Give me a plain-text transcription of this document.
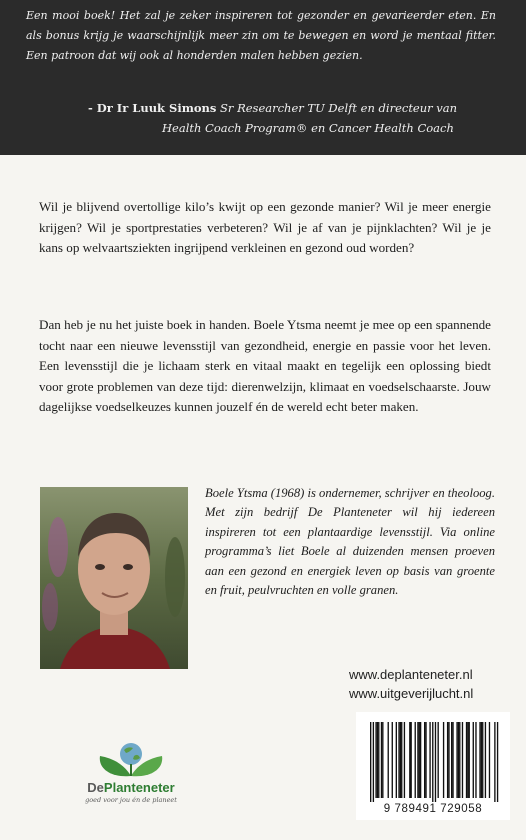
Een mooi boek! Het zal je zeker inspireren tot gezonder en gevarieerder eten. En als bonus krijg je waarschijnlijk meer zin om te bewegen en word je mentaal fitter. Een patroon dat wij ook al honderden malen hebben gezien.
- Dr Ir Luuk Simons Sr Researcher TU Delft en directeur van
Health Coach Program® en Cancer Health Coach
Wil je blijvend overtollige kilo’s kwijt op een gezonde manier? Wil je meer energie krijgen? Wil je sportprestaties verbeteren? Wil je af van je pijnklachten? Wil je je kans op welvaartsziekten ingrijpend verkleinen en gezond oud worden?
Dan heb je nu het juiste boek in handen. Boele Ytsma neemt je mee op een spannende tocht naar een nieuwe levensstijl van gezondheid, energie en passie voor het leven. Een levensstijl die je lichaam sterk en vitaal maakt en tegelijk een oplossing biedt voor grote problemen van deze tijd: dierenwelzijn, klimaat en voedselschaarste. Jouw dagelijkse voedselkeuzes kunnen jouzelf én de wereld echt beter maken.
Boele Ytsma (1968) is ondernemer, schrijver en theoloog. Met zijn bedrijf De Planteneter wil hij iedereen inspireren tot een plantaardige levensstijl. Via online programma’s liet Boele al duizenden mensen proeven aan een gezond en energiek leven op basis van groente en fruit, peulvruchten en volle granen.
www.deplanteneter.nl
www.uitgeverijlucht.nl
DePlanteneter
goed voor jou én de planeet
9 789491 729058
